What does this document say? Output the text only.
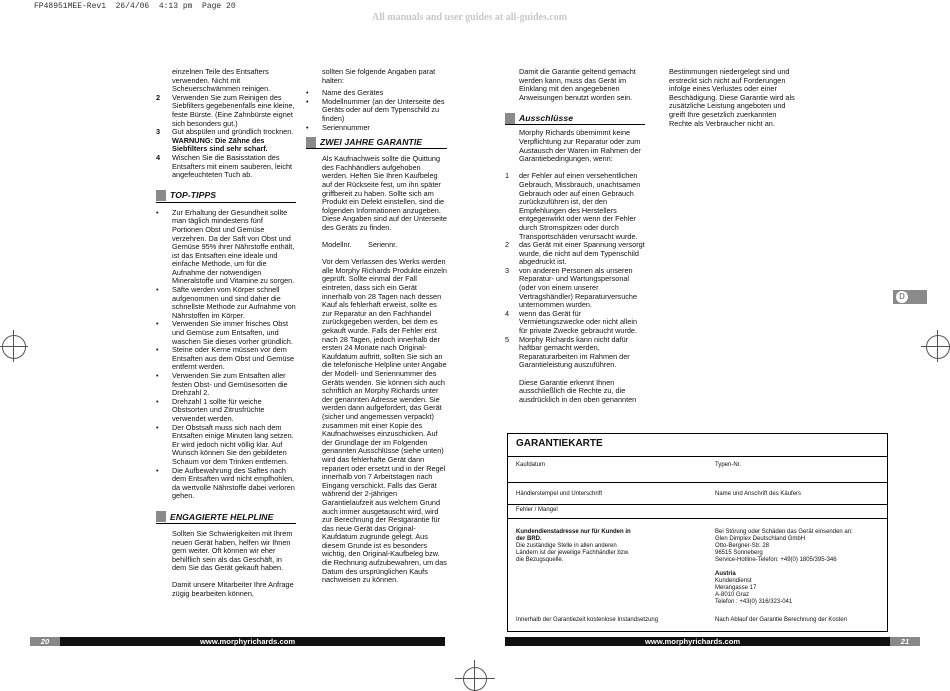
FP48951MEE-Rev1  26/4/06  4:13 pm  Page 20
All manuals and user guides at all-guides.com
einzelnen Teile des Entsafters verwenden. Nicht mit Scheuerschwämmen reinigen.
2	Verwenden Sie zum Reinigen des Siebfilters gegebenenfalls eine kleine, feste Bürste. (Eine Zahnbürste eignet sich besonders gut.)
3	Gut abspülen und gründlich trocknen.
WARNUNG: Die Zähne des Siebfilters sind sehr scharf.
4	Wischen Sie die Basisstation des Entsafters mit einem sauberen, leicht angefeuchteten Tuch ab.
TOP-TIPPS
•	Zur Erhaltung der Gesundheit sollte man täglich mindestens fünf Portionen Obst und Gemüse verzehren. Da der Saft von Obst und Gemüse 95% ihrer Nährstoffe enthält, ist das Entsaften eine ideale und einfache Methode, um für die Aufnahme der notwendigen Mineralstoffe und Vitamine zu sorgen.
•	Säfte werden vom Körper schnell aufgenommen und sind daher die schnellste Methode zur Aufnahme von Nährstoffen im Körper.
•	Verwenden Sie immer frisches Obst und Gemüse zum Entsaften, und waschen Sie dieses vorher gründlich.
•	Steine oder Kerne müssen vor dem Entsaften aus dem Obst und Gemüse entfernt werden.
•	Verwenden Sie zum Entsaften aller festen Obst- und Gemüsesorten die Drehzahl 2.
•	Drehzahl 1 sollte für weiche Obstsorten und Zitrusfrüchte verwendet werden.
•	Der Obstsaft muss sich nach dem Entsaften einige Minuten lang setzen. Er wird jedoch nicht völlig klar. Auf Wunsch können Sie den gebildeten Schaum vor dem Trinken entfernen.
•	Die Aufbewahrung des Saftes nach dem Entsaften wird nicht empfhohlen, da wertvolle Nährstoffe dabei verloren gehen.
ENGAGIERTE HELPLINE

Sollten Sie Schwierigkeiten mit Ihrem neuen Gerät haben, helfen wir Ihnen gern weiter. Oft können wir eher behilflich sein als das Geschäft, in dem Sie das Gerät gekauft haben.

Damit unsere Mitarbeiter Ihre Anfrage zügig bearbeiten können,

sollten Sie folgende Angaben parat halten:

•	Name des Gerätes
•	Modellnummer (an der Unterseite des Geräts oder auf dem Typenschild zu finden)
•	Seriennummer
ZWEI JAHRE GARANTIE

Als Kaufnachweis sollte die Quittung des Fachhändlers aufgehoben werden. Heften Sie Ihren Kaufbeleg auf der Rückseite fest, um ihn später griffbereit zu haben. Sollte sich am Produkt ein Defekt einstellen, sind die folgenden Informationen anzugeben. Diese Angaben sind auf der Unterseite des Geräts zu finden.

Modellnr.	Seriennr.

Vor dem Verlassen des Werks werden alle Morphy Richards Produkte einzeln geprüft. Sollte einmal der Fall eintreten, dass sich ein Gerät innerhalb von 28 Tagen nach dessen Kauf als fehlerhaft erweist, sollte es zur Reparatur an den Fachhandel zurückgegeben werden, bei dem es gekauft wurde. Falls der Fehler erst nach 28 Tagen, jedoch innerhalb der ersten 24 Monate nach Original-Kaufdatum auftritt, sollten Sie sich an die telefonische Helpline unter Angabe der Modell- und Seriennummer des Geräts wenden. Sie können sich auch schriftlich an Morphy Richards unter der genannten Adresse wenden. Sie werden dann aufgefordert, das Gerät (sicher und angemessen verpackt) zusammen mit einer Kopie des Kaufnachweises einzuschicken. Auf der Grundlage der im Folgenden genannten Ausschlüsse (siehe unten) wird das fehlerhafte Gerät dann repariert oder ersetzt und in der Regel innerhalb von 7 Arbeitstagen nach Eingang verschickt. Falls das Gerät während der 2-jährigen Garantielaufzeit aus welchem Grund auch immer ausgetauscht wird, wird zur Berechnung der Restgarantie für das neue Gerät das Original-Kaufdatum zugrunde gelegt. Aus diesem Grunde ist es besonders wichtig, den Original-Kaufbeleg bzw. die Rechnung aufzubewahren, um das Datum des ursprünglichen Kaufs nachweisen zu können.

Damit die Garantie geltend gemacht werden kann, muss das Gerät im Einklang mit den angegebenen Anweisungen benutzt worden sein.

Ausschlüsse

Morphy Richards übernimmt keine Verpflichtung zur Reparatur oder zum Austausch der Waren im Rahmen der Garantiebedingungen, wenn:

1	der Fehler auf einen versehentlichen Gebrauch, Missbrauch, unachtsamen Gebrauch oder auf einen Gebrauch zurückzuführen ist, der den Empfehlungen des Herstellers entgegenwirkt oder wenn der Fehler durch Stromspitzen oder durch Transportschäden verursacht wurde.
2	das Gerät mit einer Spannung versorgt wurde, die nicht auf dem Typenschild abgedruckt ist.
3	von anderen Personen als unseren Reparatur- und Wartungspersonal (oder von einem unserer Vertragshändler) Reparaturversuche unternommen wurden.
4	wenn das Gerät für Vermietungszwecke oder nicht allein für private Zwecke gebraucht wurde.
5	Morphy Richards kann nicht dafür haftbar gemacht werden, Reparaturarbeiten im Rahmen der Garantieleistung auszuführen.

Diese Garantie erkennt Ihnen ausschließlich die Rechte zu, die ausdrücklich in den oben genannten

Bestimmungen niedergelegt sind und erstreckt sich nicht auf Forderungen infolge eines Verlustes oder einer Beschädigung. Diese Garantie wird als zusätzliche Leistung angeboten und greift Ihre gesetzlich zuerkannten Rechte als Verbraucher nicht an.

D
GARANTIEKARTE
Kaufdatum	Typen-Nr.
Händlerstempel und Unterschrift	Name und Anschrift des Käufers
Fehler / Mangel
Kundendienstadresse nur für Kunden in der BRD.
Die zuständige Stelle in allen anderen Ländern ist der jeweilige Fachhändler bzw. die Bezugsquelle.
Bei Störung oder Schäden das Gerät einsenden an:
Glen Dimplex Deutschland GmbH
Otto-Bergner-Str. 28
96515 Sonneberg
Service-Hotline-Telefon: +49(0) 1805/395-346
Austria
Kundendienst
Merangasse 17
A-8010 Graz
Telefon : +43(0) 316/323-041
Innerhalb der Garantiezeit kostenlose Instandsetzung	Nach Ablauf der Garantie Berechnung der Kosten
20	www.morphyrichards.com	www.morphyrichards.com	21
